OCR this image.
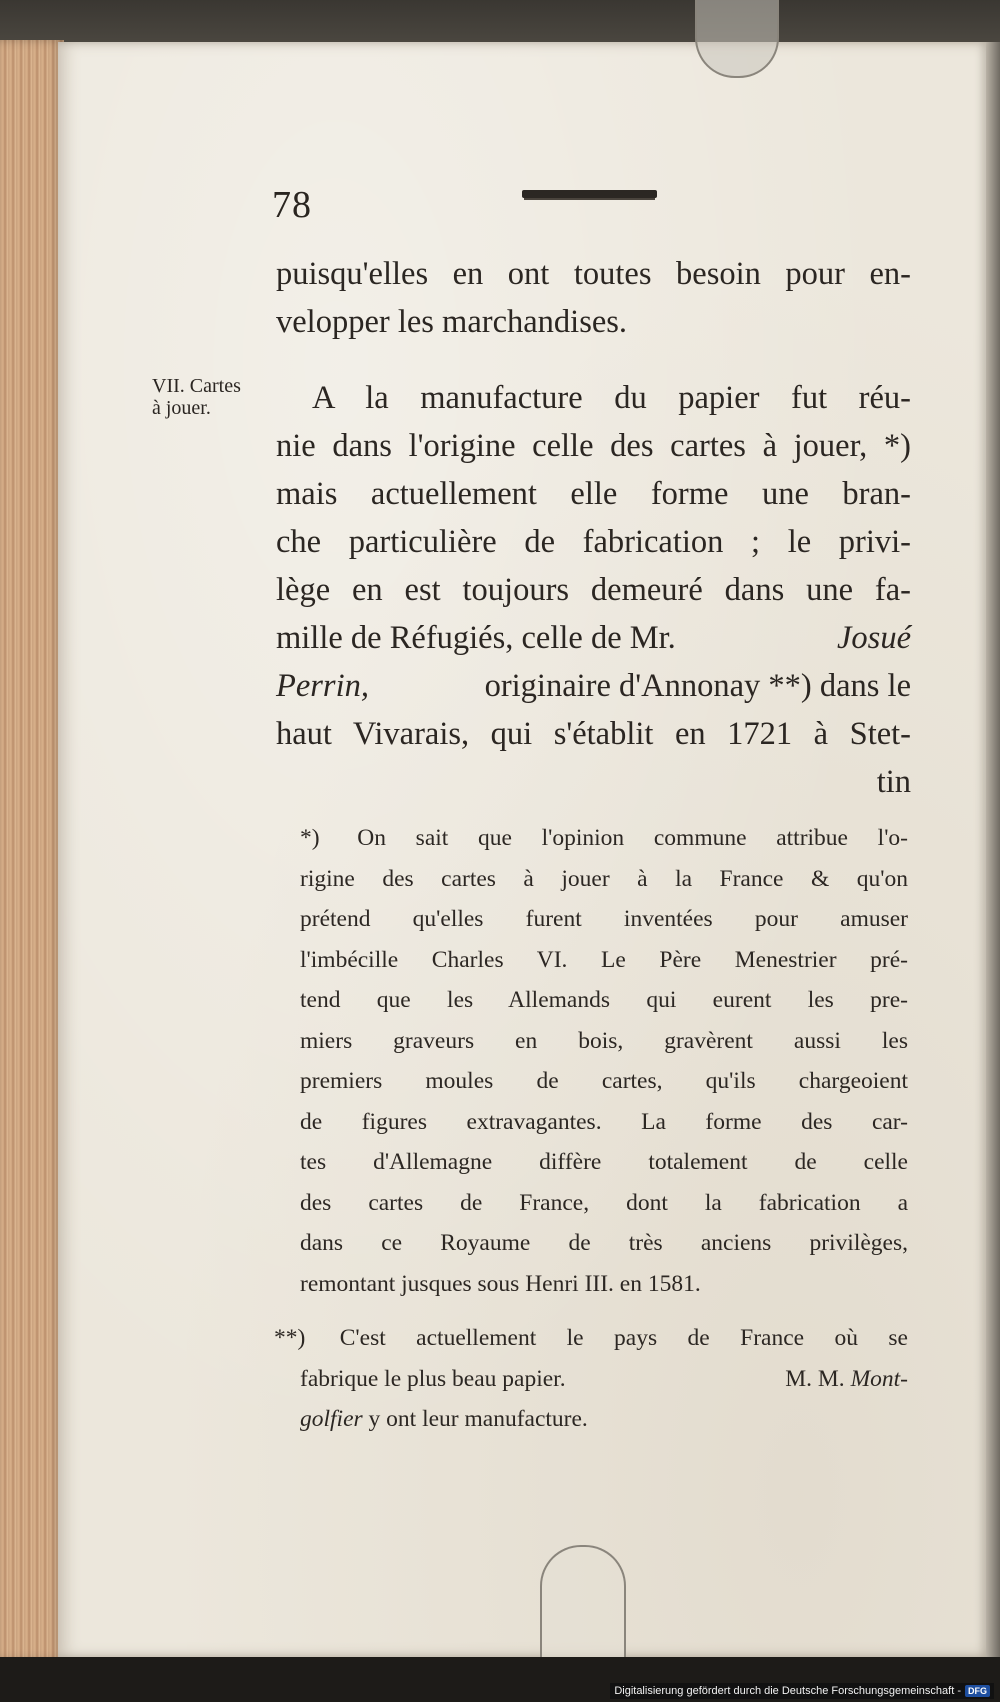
78
VII. Cartes
à jouer.
puisqu'elles en ont toutes besoin pour en-
velopper les marchandises.
A la manufacture du papier fut réu-
nie dans l'origine celle des cartes à jouer, *)
mais actuellement elle forme une bran-
che particulière de fabrication ; le privi-
lège en est toujours demeuré dans une fa-
mille de Réfugiés, celle de Mr.	Josué
Perrin,	originaire d'Annonay **) dans le
haut Vivarais, qui s'établit en 1721 à Stet-
tin
*) On sait que l'opinion commune attribue l'o-
rigine des cartes à jouer à la France & qu'on
prétend qu'elles furent inventées pour amuser
l'imbécille Charles VI. Le Père Menestrier pré-
tend que les Allemands qui eurent les pre-
miers graveurs en bois, gravèrent aussi les
premiers moules de cartes, qu'ils chargeoient
de figures extravagantes. La forme des car-
tes d'Allemagne diffère totalement de celle
des cartes de France, dont la fabrication a
dans ce Royaume de très anciens privilèges,
remontant jusques sous Henri III. en 1581.
**) C'est actuellement le pays de France où se
fabrique le plus beau papier.	M. M. Mont-
golfier y ont leur manufacture.
Digitalisierung gefördert durch die Deutsche Forschungsgemeinschaft - DFG
